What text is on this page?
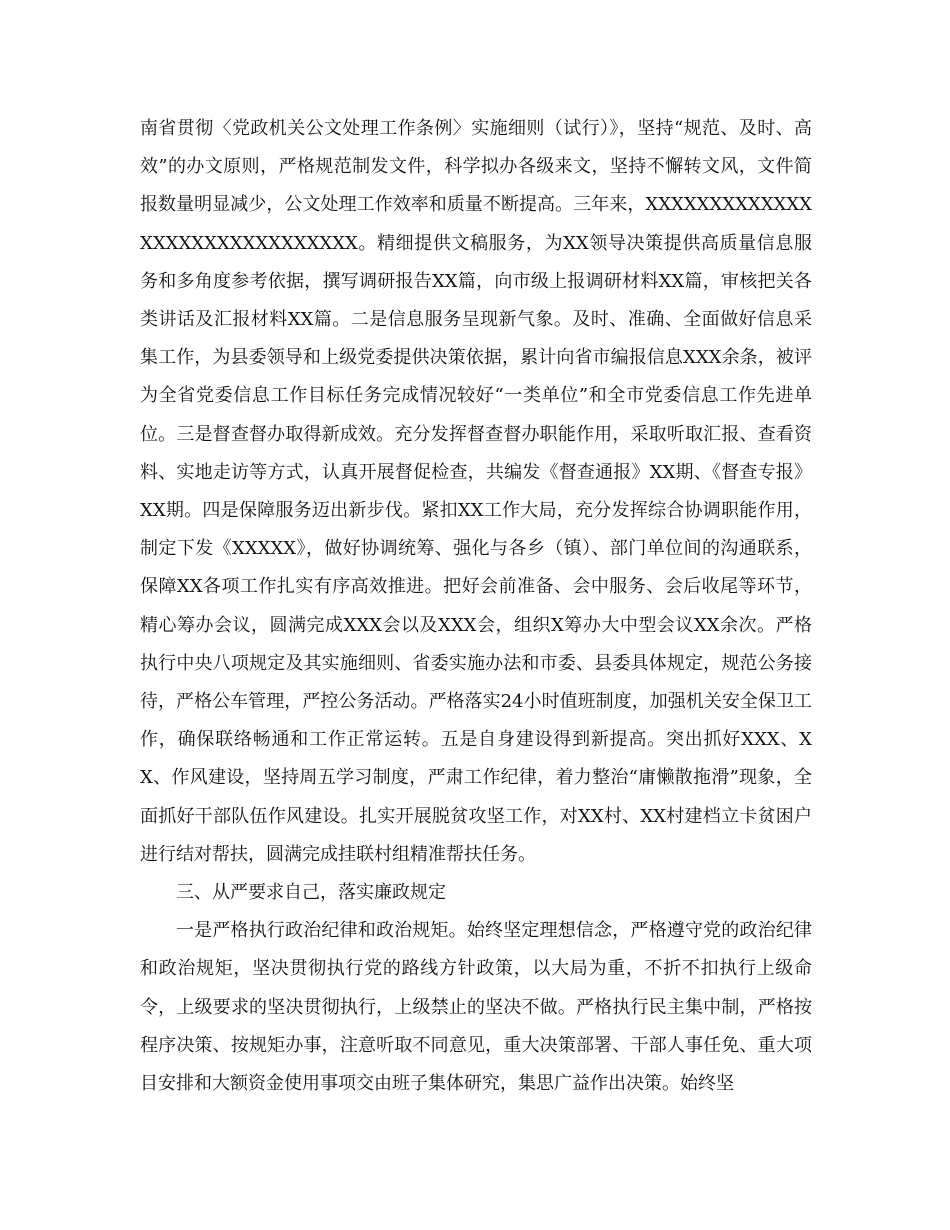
南省贯彻〈党政机关公文处理工作条例〉实施细则（试行）》，坚持“规范、及时、高效”的办文原则，严格规范制发文件，科学拟办各级来文，坚持不懈转文风，文件简报数量明显减少，公文处理工作效率和质量不断提高。三年来，XXXXXXXXXXXXXXXXXXXXXXXXXXXXXX。精细提供文稿服务，为XX领导决策提供高质量信息服务和多角度参考依据，撰写调研报告XX篇，向市级上报调研材料XX篇，审核把关各类讲话及汇报材料XX篇。二是信息服务呈现新气象。及时、准确、全面做好信息采集工作，为县委领导和上级党委提供决策依据，累计向省市编报信息XXX余条，被评为全省党委信息工作目标任务完成情况较好“一类单位”和全市党委信息工作先进单位。三是督查督办取得新成效。充分发挥督查督办职能作用，采取听取汇报、查看资料、实地走访等方式，认真开展督促检查，共编发《督查通报》XX期、《督查专报》XX期。四是保障服务迈出新步伐。紧扣XX工作大局，充分发挥综合协调职能作用，制定下发《XXXXX》，做好协调统筹、强化与各乡（镇）、部门单位间的沟通联系，保障XX各项工作扎实有序高效推进。把好会前准备、会中服务、会后收尾等环节，精心筹办会议，圆满完成XXX会以及XXX会，组织X筹办大中型会议XX余次。严格执行中央八项规定及其实施细则、省委实施办法和市委、县委具体规定，规范公务接待，严格公车管理，严控公务活动。严格落实24小时值班制度，加强机关安全保卫工作，确保联络畅通和工作正常运转。五是自身建设得到新提高。突出抓好XXX、XX、作风建设，坚持周五学习制度，严肃工作纪律，着力整治“庸懒散拖滑”现象，全面抓好干部队伍作风建设。扎实开展脱贫攻坚工作，对XX村、XX村建档立卡贫困户进行结对帮扶，圆满完成挂联村组精准帮扶任务。

三、从严要求自己，落实廉政规定

一是严格执行政治纪律和政治规矩。始终坚定理想信念，严格遵守党的政治纪律和政治规矩，坚决贯彻执行党的路线方针政策，以大局为重，不折不扣执行上级命令，上级要求的坚决贯彻执行，上级禁止的坚决不做。严格执行民主集中制，严格按程序决策、按规矩办事，注意听取不同意见，重大决策部署、干部人事任免、重大项目安排和大额资金使用事项交由班子集体研究，集思广益作出决策。始终坚
